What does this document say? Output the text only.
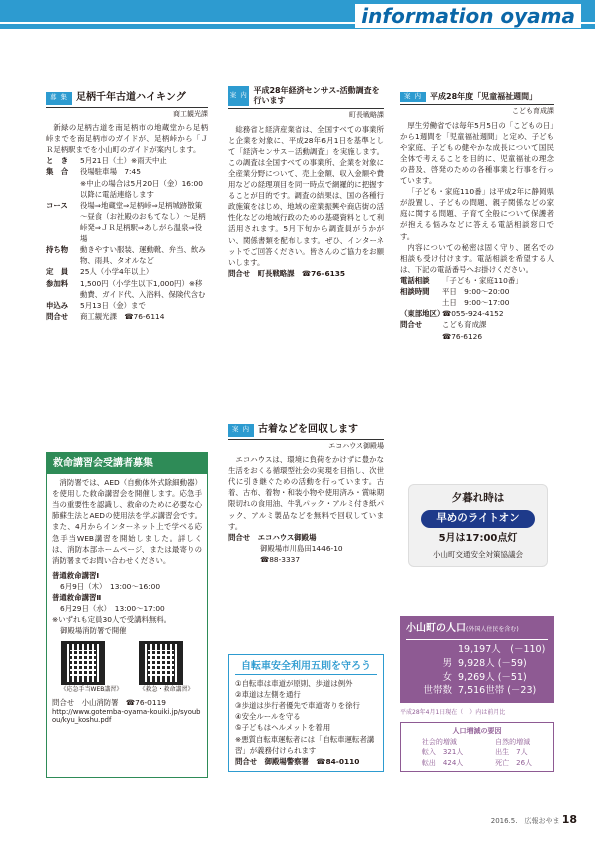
information oyama
募 集 足柄千年古道ハイキング
商工観光課

新緑の足柄古道を南足柄市の地蔵堂から足柄峠までを南足柄市のガイドが、足柄峠から「ＪＲ足柄駅までを小山町のガイドが案内します。

と　き	5月21日（土）※雨天中止
集　合	役場駐車場　7:45
※中止の場合は5月20日（金）16:00以降に電話連絡します
コース	役場⇒地蔵堂⇒足柄峠⇒足柄城跡散策～昼食（お社殿のおもてなし）～足柄峠発⇒ＪＲ足柄駅⇒あしがら温泉⇒役場
持ち物	動きやすい服装、運動靴、弁当、飲み物、雨具、タオルなど
定　員	25人（小学4年以上）
参加料	1,500円（小学生以下1,000円）※移動費、ガイド代、入浴料、保険代含む
申込み	5月13日（金）まで
問合せ	商工観光課　☎76-6114
救命講習会受講者募集

消防署では、AED（自動体外式除細動器）を使用した救命講習会を開催します。応急手当の重要性を認識し、救命のために必要な心肺蘇生法とAEDの使用法を学ぶ講習会です。また、4月からインターネット上で学べる応急手当WEB講習を開始しました。詳しくは、消防本部ホームページ、または最寄りの消防署までお問い合わせください。

普通救命講習Ⅰ
6月9日（木）　13:00～16:00
普通救命講習Ⅱ
6月29日（水）　13:00～17:00
※いずれも定員30人で受講料無料。
御殿場消防署で開催
《応急手当WEB講習》	《救急・救命講習》
問合せ　小山消防署　☎76-0119
http://www.gotemba-oyama-kouiki.jp/syoubou/kyu_koshu.pdf
案 内
平成28年経済センサス-活動調査を行います
町長戦略課

総務省と経済産業省は、全国すべての事業所と企業を対象に、平成28年6月1日を基準として「経済センサス－活動調査」を実施します。この調査は全国すべての事業所、企業を対象に全産業分野について、売上金額、収入金額や費用などの経理項目を同一時点で網羅的に把握することが目的です。調査の結果は、国の各種行政施策をはじめ、地域の産業振興や商店街の活性化などの地域行政のための基礎資料として利活用されます。5月下旬から調査員がうかがい、関係書類を配布します。ぜひ、インターネットでご回答ください。皆さんのご協力をお願いします。

問合せ　町長戦略課　☎76-6135
案 内 古着などを回収します
エコハウス御殿場

エコハウスは、環境に負荷をかけずに豊かな生活をおくる循環型社会の実現を目指し、次世代に引き継ぐための活動を行っています。古着、古布、着物・和装小物や使用済み・賞味期限切れの食用油、牛乳パック・アルミ付き紙パック、アルミ製品などを無料で回収しています。

問合せ　エコハウス御殿場
御殿場市川島田1446-10
☎88-3337
自転車安全利用五則を守ろう
①自転車は車道が原則、歩道は例外
②車道は左側を通行
③歩道は歩行者優先で車道寄りを徐行
④安全ルールを守る
⑤子どもはヘルメットを着用
※悪質自転車運転者には「自転車運転者講習」が義務付けられます
問合せ　御殿場警察署　☎84-0110
案 内 平成28年度「児童福祉週間」
こども育成課

厚生労働省では毎年5月5日の「こどもの日」から1週間を「児童福祉週間」と定め、子どもや家庭、子どもの健やかな成長について国民全体で考えることを目的に、児童福祉の理念の普及、啓発のための各種事業と行事を行っています。

「子ども・家庭110番」は平成2年に静岡県が設置し、子どもの問題、親子関係などの家庭に関する問題、子育て全般について保護者が抱える悩みなどに答える電話相談窓口です。

内容についての秘密は固く守り、匿名での相談も受け付けます。電話相談を希望する人は、下記の電話番号へお掛けください。

電話相談	「子ども・家庭110番」
相談時間	平日　9:00～20:00
土日　9:00～17:00
（東部地区）
☎055-924-4152
問合せ	こども育成課
☎76-6126
夕暮れ時は
早めのライトオン
5月は17:00点灯
小山町交通安全対策協議会
小山町の人口(外国人住民を含む)
19,197人　(－110)
男 9,928人 (－59)
女 9,269人 (－51)
世帯数 7,516世帯 (－23)
平成28年4月1日現在（　）内は前月比
人口増減の要因
社会的増減
転入　321人
転出　424人
自然的増減
出生　7人
死亡　26人
2016.5.　広報おやま 18
